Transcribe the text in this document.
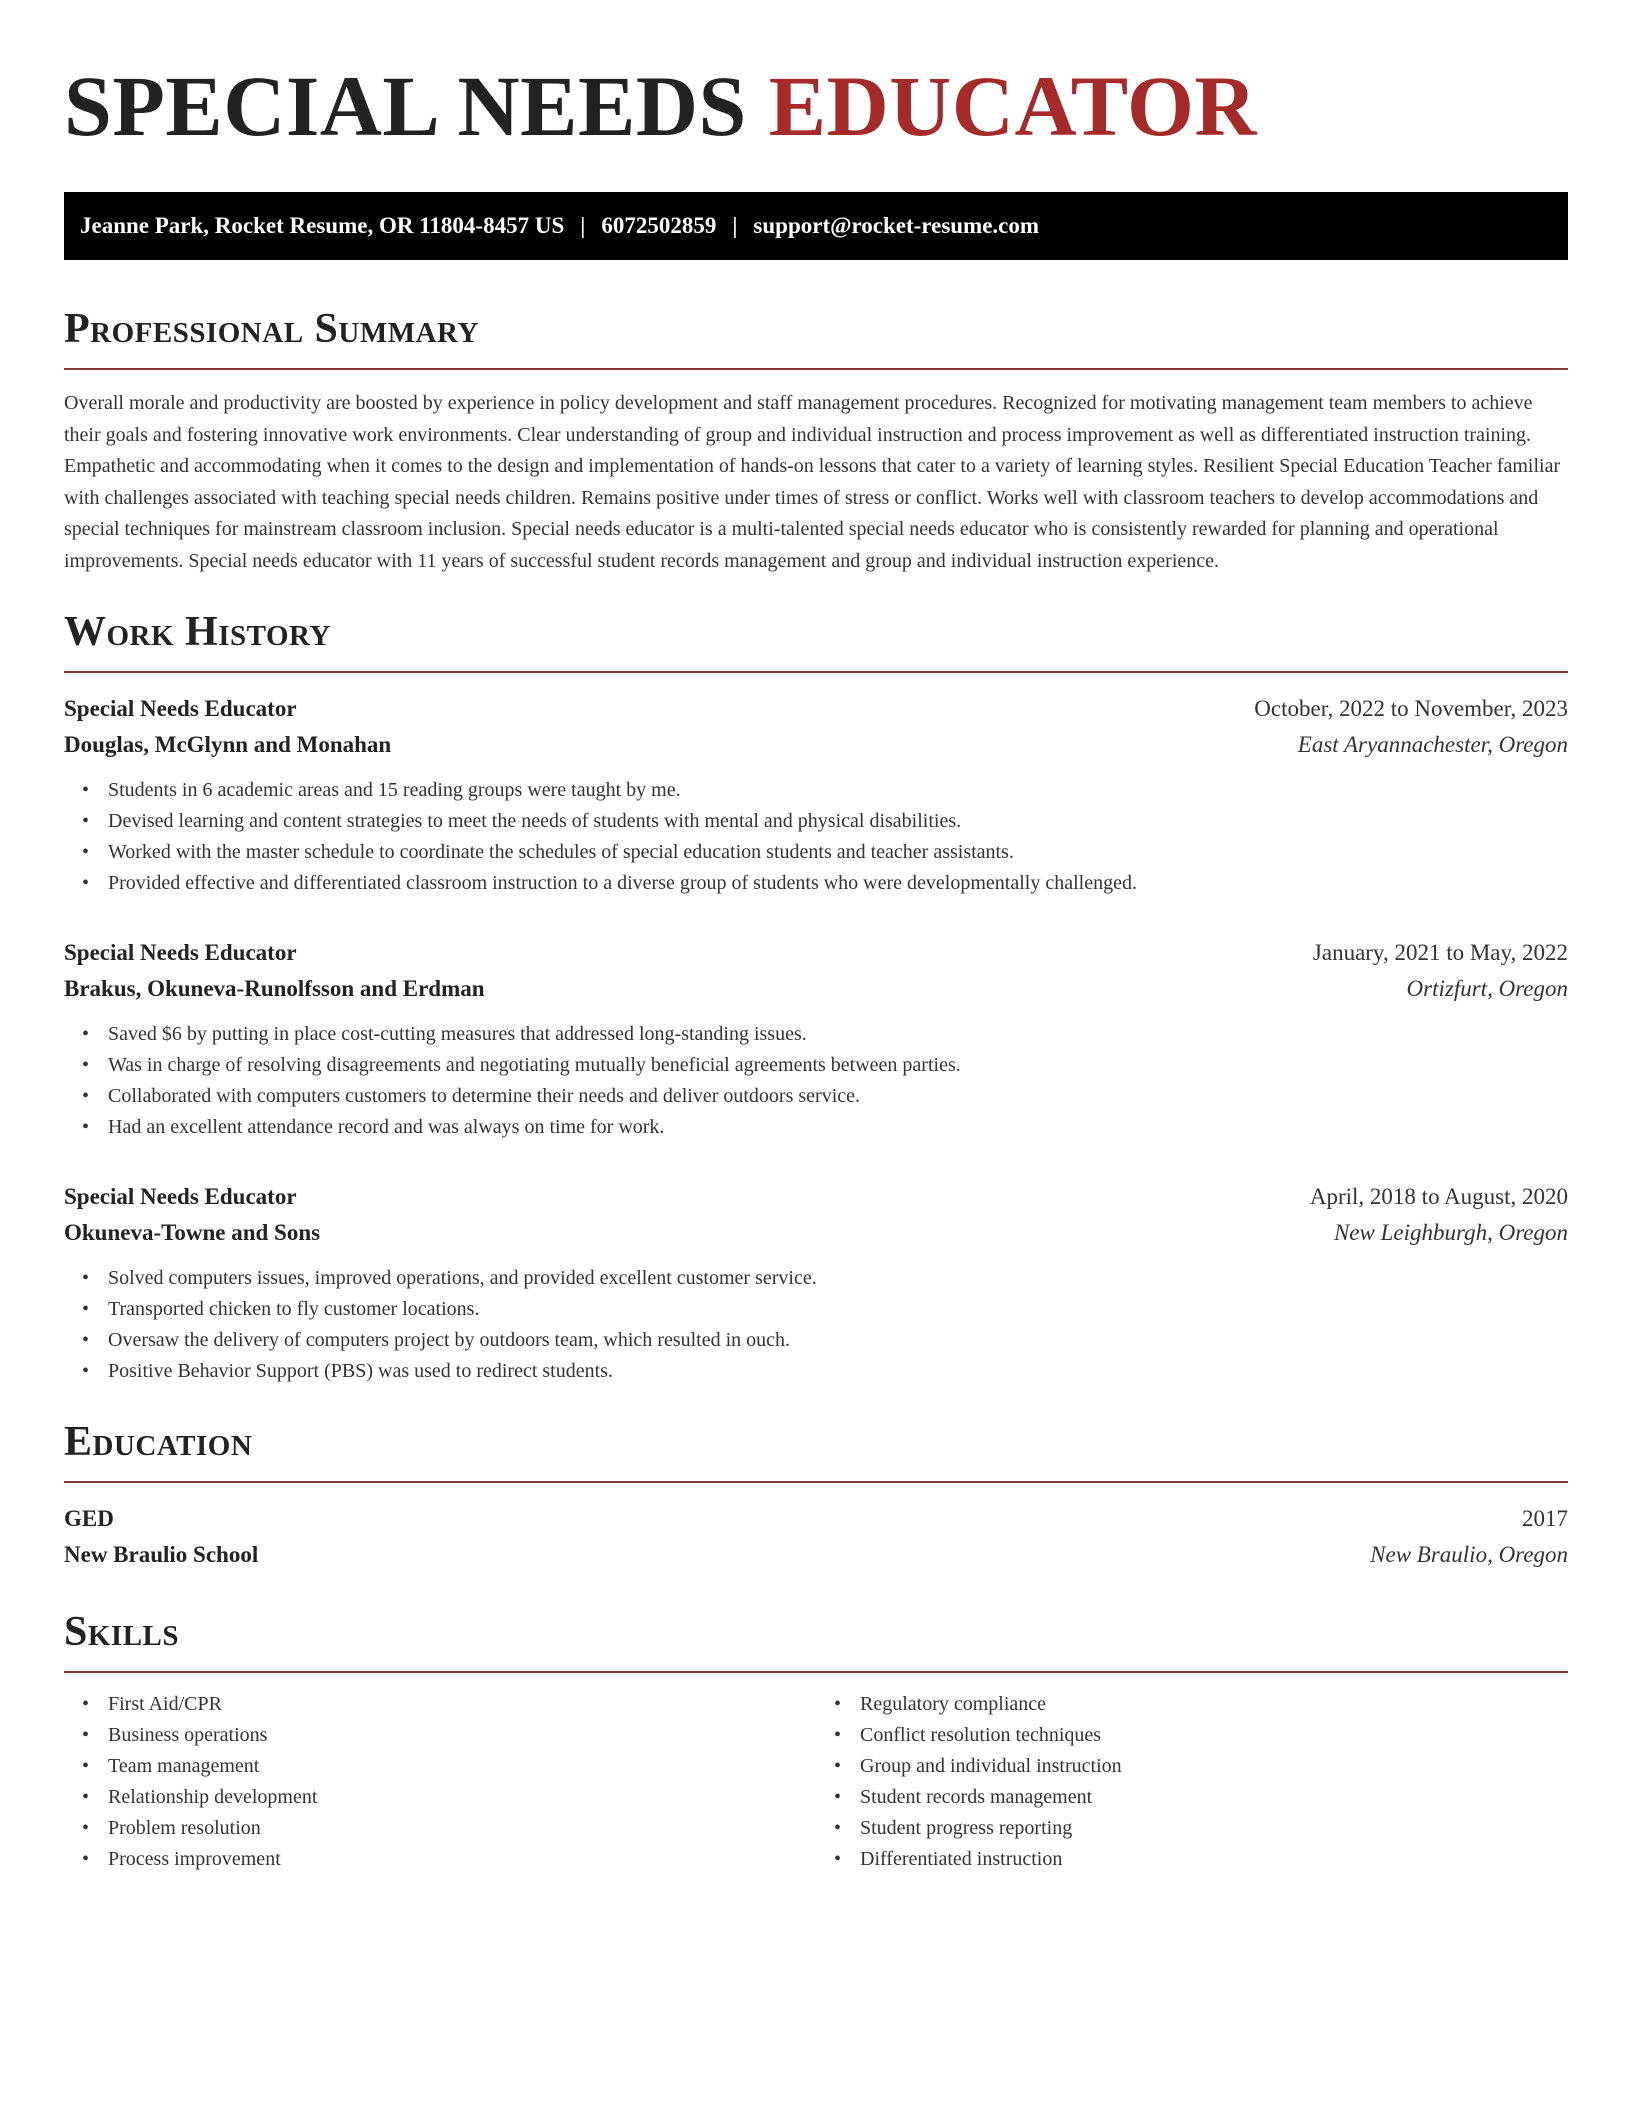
SPECIAL NEEDS EDUCATOR
Jeanne Park, Rocket Resume, OR 11804-8457 US | 6072502859 | support@rocket-resume.com
Professional Summary

Overall morale and productivity are boosted by experience in policy development and staff management procedures. Recognized for motivating management team members to achieve their goals and fostering innovative work environments. Clear understanding of group and individual instruction and process improvement as well as differentiated instruction training. Empathetic and accommodating when it comes to the design and implementation of hands-on lessons that cater to a variety of learning styles. Resilient Special Education Teacher familiar with challenges associated with teaching special needs children. Remains positive under times of stress or conflict. Works well with classroom teachers to develop accommodations and special techniques for mainstream classroom inclusion. Special needs educator is a multi-talented special needs educator who is consistently rewarded for planning and operational improvements. Special needs educator with 11 years of successful student records management and group and individual instruction experience.

Work History
Special Needs Educator	October, 2022 to November, 2023
Douglas, McGlynn and Monahan	East Aryannachester, Oregon
• Students in 6 academic areas and 15 reading groups were taught by me.
• Devised learning and content strategies to meet the needs of students with mental and physical disabilities.
• Worked with the master schedule to coordinate the schedules of special education students and teacher assistants.
• Provided effective and differentiated classroom instruction to a diverse group of students who were developmentally challenged.
Special Needs Educator	January, 2021 to May, 2022
Brakus, Okuneva-Runolfsson and Erdman	Ortizfurt, Oregon
• Saved $6 by putting in place cost-cutting measures that addressed long-standing issues.
• Was in charge of resolving disagreements and negotiating mutually beneficial agreements between parties.
• Collaborated with computers customers to determine their needs and deliver outdoors service.
• Had an excellent attendance record and was always on time for work.
Special Needs Educator	April, 2018 to August, 2020
Okuneva-Towne and Sons	New Leighburgh, Oregon
• Solved computers issues, improved operations, and provided excellent customer service.
• Transported chicken to fly customer locations.
• Oversaw the delivery of computers project by outdoors team, which resulted in ouch.
• Positive Behavior Support (PBS) was used to redirect students.
Education
GED	2017
New Braulio School	New Braulio, Oregon
Skills
• First Aid/CPR
• Business operations
• Team management
• Relationship development
• Problem resolution
• Process improvement
• Regulatory compliance
• Conflict resolution techniques
• Group and individual instruction
• Student records management
• Student progress reporting
• Differentiated instruction
